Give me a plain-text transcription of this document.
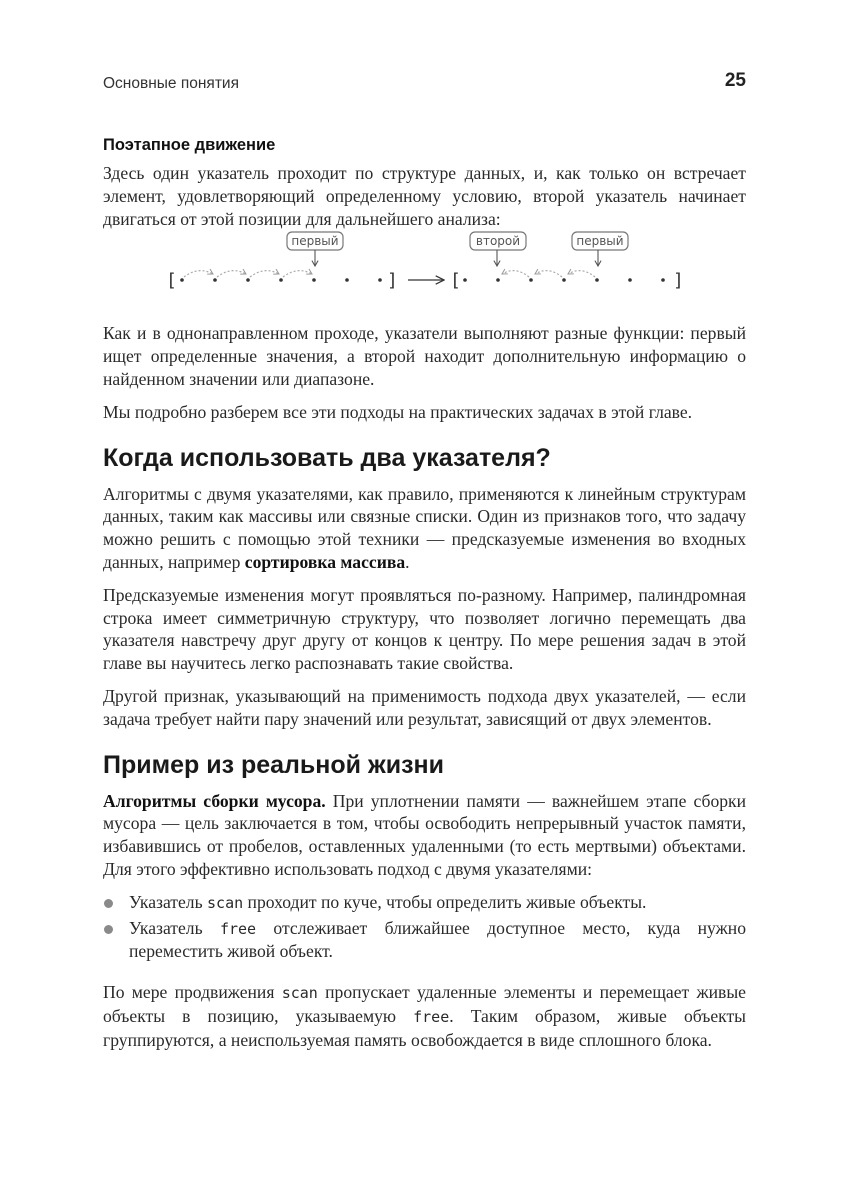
Основные понятия	25
Поэтапное движение

Здесь один указатель проходит по структуре данных, и, как только он встречает элемент, удовлетворяющий определенному условию, второй указатель начинает двигаться от этой позиции для дальнейшего анализа:

[	]
первый
[	]
второй	первый

Как и в однонаправленном проходе, указатели выполняют разные функции: первый ищет определенные значения, а второй находит дополнительную информацию о найденном значении или диапазоне.

Мы подробно разберем все эти подходы на практических задачах в этой главе.

Когда использовать два указателя?

Алгоритмы с двумя указателями, как правило, применяются к линейным структурам данных, таким как массивы или связные списки. Один из признаков того, что задачу можно решить с помощью этой техники — предсказуемые изменения во входных данных, например сортировка массива.

Предсказуемые изменения могут проявляться по-разному. Например, палиндромная строка имеет симметричную структуру, что позволяет логично перемещать два указателя навстречу друг другу от концов к центру. По мере решения задач в этой главе вы научитесь легко распознавать такие свойства.

Другой признак, указывающий на применимость подхода двух указателей, — если задача требует найти пару значений или результат, зависящий от двух элементов.

Пример из реальной жизни

Алгоритмы сборки мусора. При уплотнении памяти — важнейшем этапе сборки мусора — цель заключается в том, чтобы освободить непрерывный участок памяти, избавившись от пробелов, оставленных удаленными (то есть мертвыми) объектами. Для этого эффективно использовать подход с двумя указателями:

Указатель scan проходит по куче, чтобы определить живые объекты.
Указатель free отслеживает ближайшее доступное место, куда нужно переместить живой объект.

По мере продвижения scan пропускает удаленные элементы и перемещает живые объекты в позицию, указываемую free. Таким образом, живые объекты группируются, а неиспользуемая память освобождается в виде сплошного блока.
